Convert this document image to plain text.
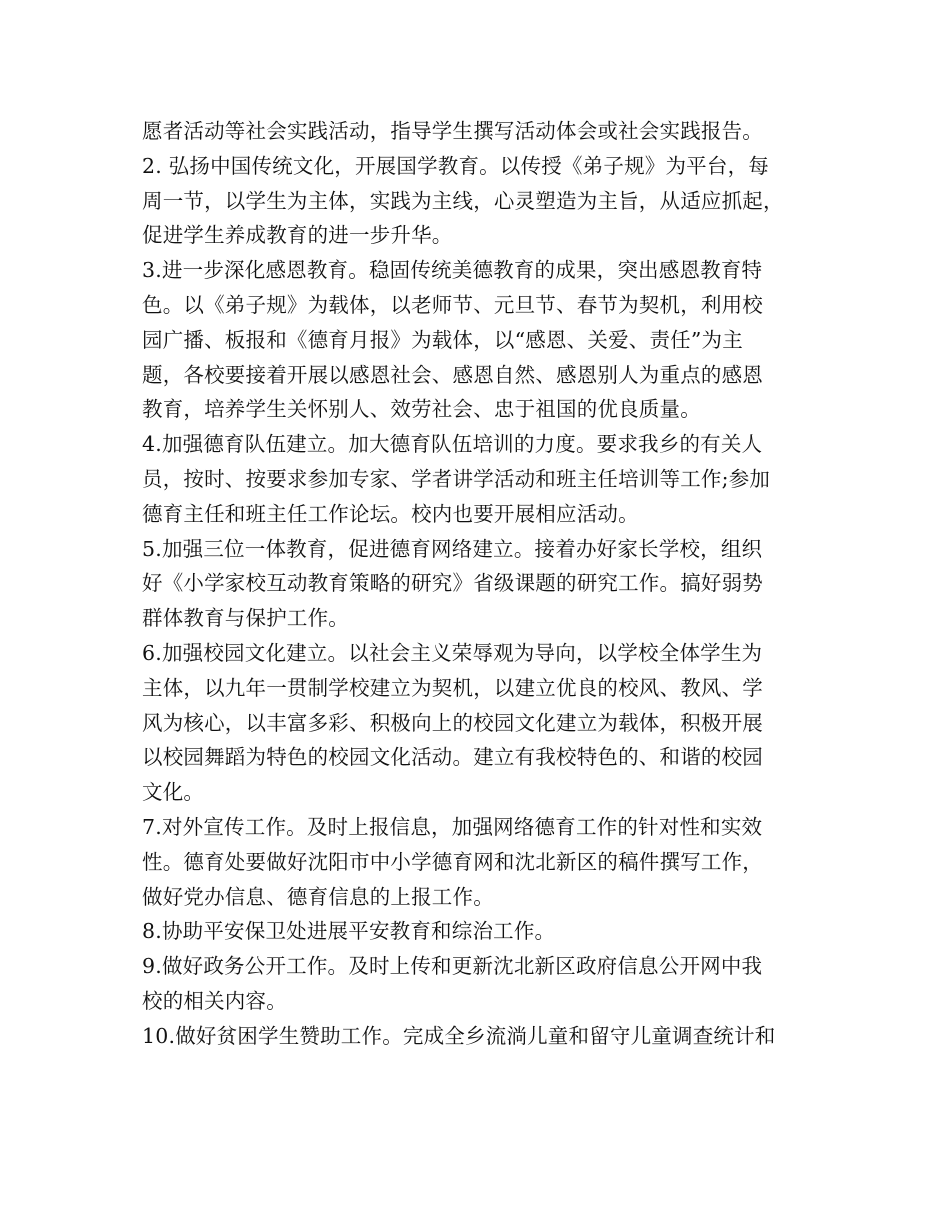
愿者活动等社会实践活动，指导学生撰写活动体会或社会实践报告。
2. 弘扬中国传统文化，开展国学教育。以传授《弟子规》为平台，每
周一节，以学生为主体，实践为主线，心灵塑造为主旨，从适应抓起，
促进学生养成教育的进一步升华。
3.进一步深化感恩教育。稳固传统美德教育的成果，突出感恩教育特
色。以《弟子规》为载体，以老师节、元旦节、春节为契机，利用校
园广播、板报和《德育月报》为载体，以“感恩、关爱、责任”为主
题，各校要接着开展以感恩社会、感恩自然、感恩别人为重点的感恩
教育，培养学生关怀别人、效劳社会、忠于祖国的优良质量。
4.加强德育队伍建立。加大德育队伍培训的力度。要求我乡的有关人
员，按时、按要求参加专家、学者讲学活动和班主任培训等工作;参加
德育主任和班主任工作论坛。校内也要开展相应活动。
5.加强三位一体教育，促进德育网络建立。接着办好家长学校，组织
好《小学家校互动教育策略的研究》省级课题的研究工作。搞好弱势
群体教育与保护工作。
6.加强校园文化建立。以社会主义荣辱观为导向，以学校全体学生为
主体，以九年一贯制学校建立为契机，以建立优良的校风、教风、学
风为核心，以丰富多彩、积极向上的校园文化建立为载体，积极开展
以校园舞蹈为特色的校园文化活动。建立有我校特色的、和谐的校园
文化。
7.对外宣传工作。及时上报信息，加强网络德育工作的针对性和实效
性。德育处要做好沈阳市中小学德育网和沈北新区的稿件撰写工作，
做好党办信息、德育信息的上报工作。
8.协助平安保卫处进展平安教育和综治工作。
9.做好政务公开工作。及时上传和更新沈北新区政府信息公开网中我
校的相关内容。
10.做好贫困学生赞助工作。完成全乡流淌儿童和留守儿童调查统计和
